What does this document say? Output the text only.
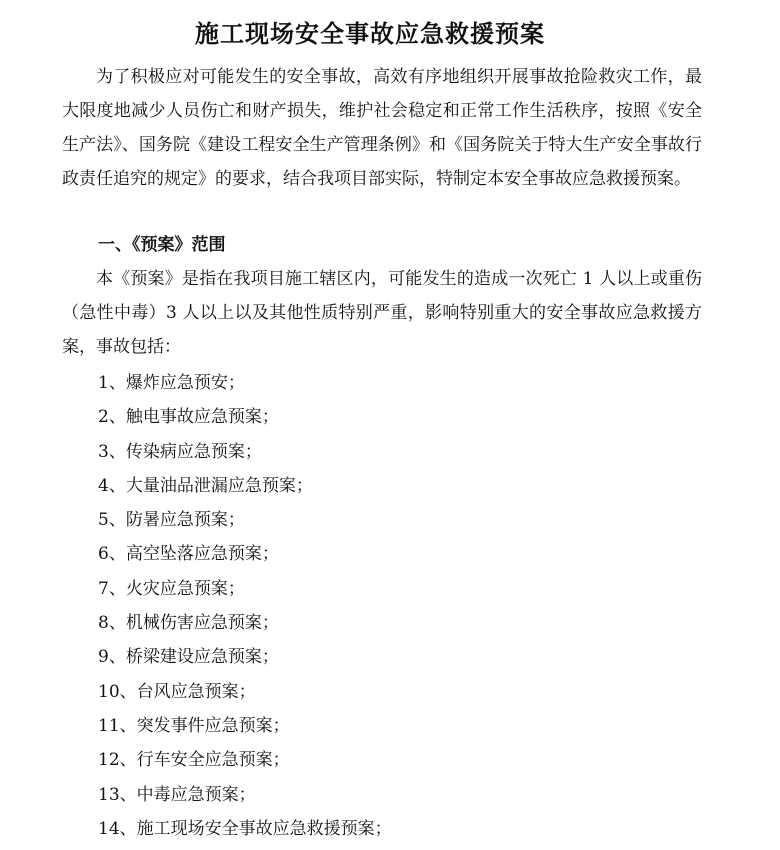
施工现场安全事故应急救援预案
为了积极应对可能发生的安全事故，高效有序地组织开展事故抢险救灾工作，最大限度地减少人员伤亡和财产损失，维护社会稳定和正常工作生活秩序，按照《安全生产法》、国务院《建设工程安全生产管理条例》和《国务院关于特大生产安全事故行政责任追究的规定》的要求，结合我项目部实际，特制定本安全事故应急救援预案。
一、《预案》范围
本《预案》是指在我项目施工辖区内，可能发生的造成一次死亡 1 人以上或重伤（急性中毒）3 人以上以及其他性质特别严重，影响特别重大的安全事故应急救援方案，事故包括：
1、爆炸应急预安；
2、触电事故应急预案；
3、传染病应急预案；
4、大量油品泄漏应急预案；
5、防暑应急预案；
6、高空坠落应急预案；
7、火灾应急预案；
8、机械伤害应急预案；
9、桥梁建设应急预案；
10、台风应急预案；
11、突发事件应急预案；
12、行车安全应急预案；
13、中毒应急预案；
14、施工现场安全事故应急救援预案；
